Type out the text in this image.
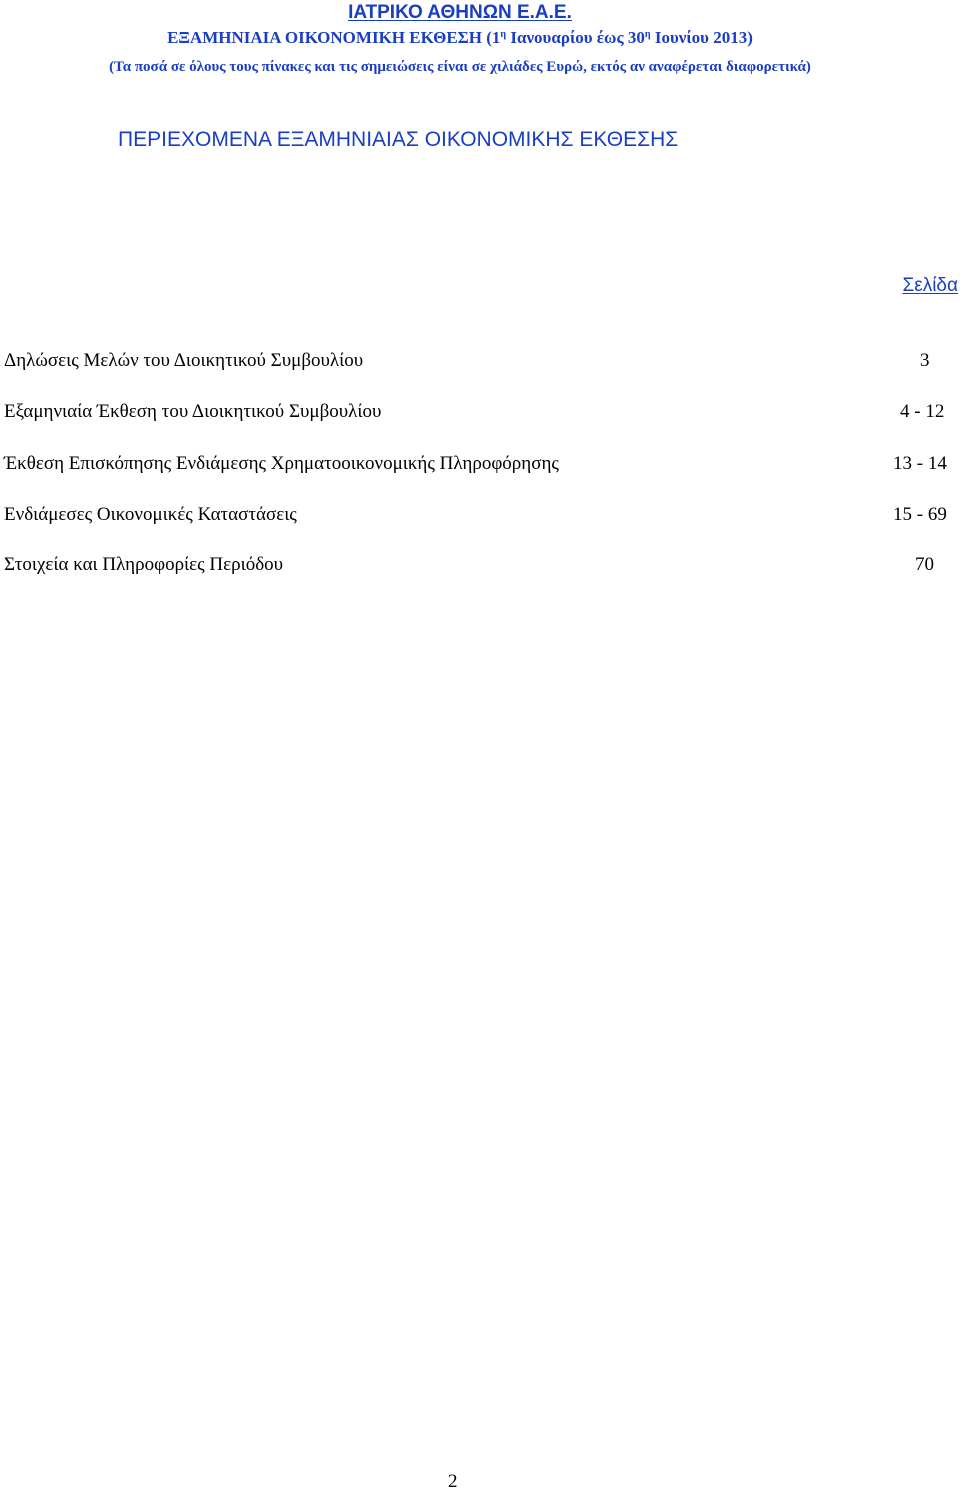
ΙΑΤΡΙΚΟ ΑΘΗΝΩΝ Ε.Α.Ε.
ΕΞΑΜΗΝΙΑΙΑ ΟΙΚΟΝΟΜΙΚΗ ΕΚΘΕΣΗ ($1^\eta$ Ιανουαρίου έως $30^\eta$ Ιουνίου 2013)
(Τα ποσά σε όλους τους πίνακες και τις σημειώσεις είναι σε χιλιάδες Ευρώ, εκτός αν αναφέρεται διαφορετικά)
ΠΕΡΙΕΧΟΜΕΝΑ ΕΞΑΜΗΝΙΑΙΑΣ ΟΙΚΟΝΟΜΙΚΗΣ ΕΚΘΕΣΗΣ
Σελίδα
Δηλώσεις Μελών του Διοικητικού Συμβουλίου	3
Εξαμηνιαία Έκθεση του Διοικητικού Συμβουλίου	4 - 12
Έκθεση Επισκόπησης Ενδιάμεσης Χρηματοοικονομικής Πληροφόρησης	13 - 14
Ενδιάμεσες Οικονομικές Καταστάσεις	15 - 69
Στοιχεία και Πληροφορίες Περιόδου	70
2
